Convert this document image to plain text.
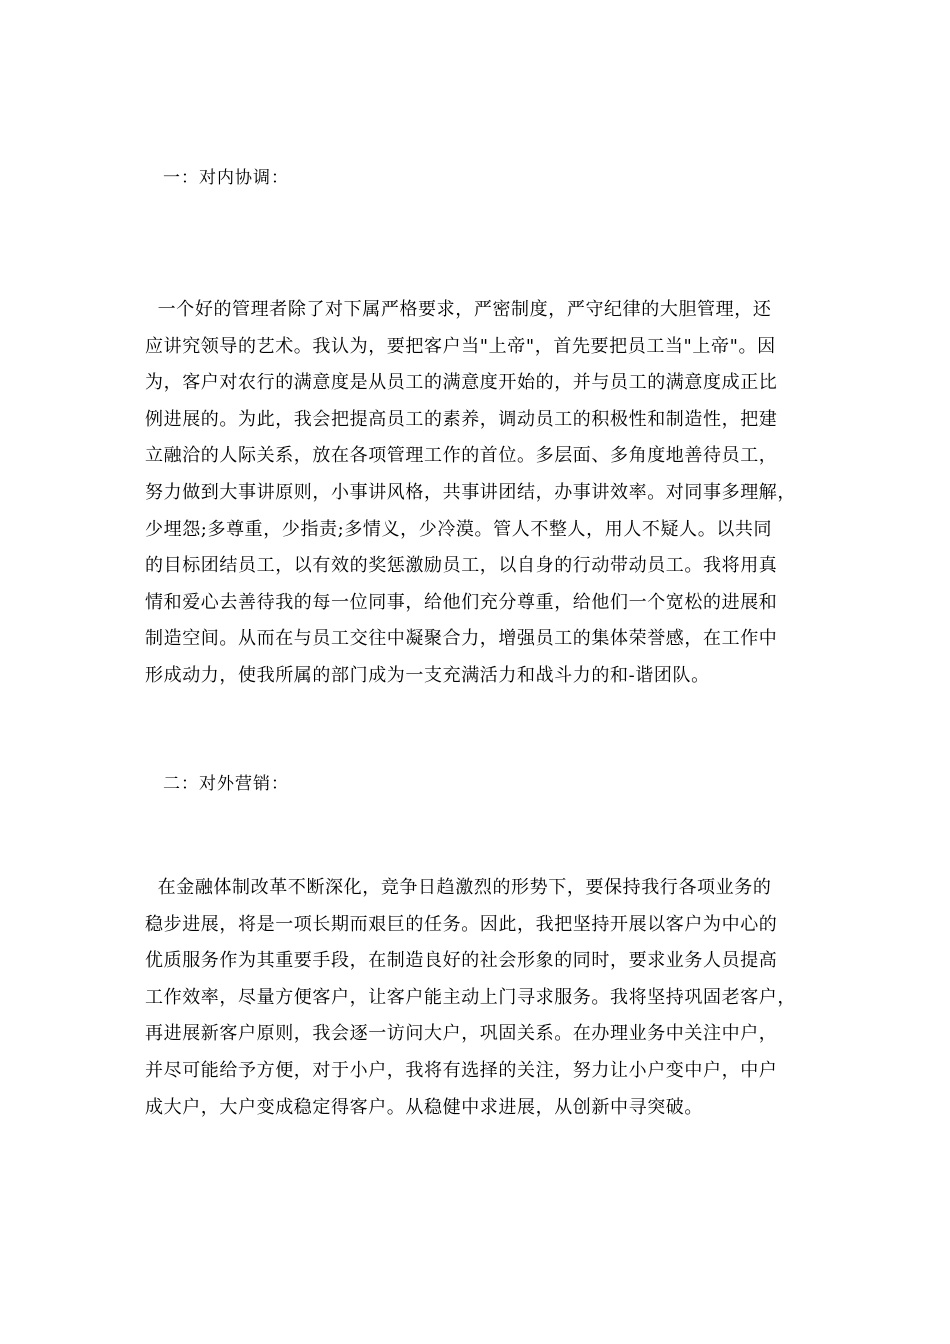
一：对内协调：
一个好的管理者除了对下属严格要求，严密制度，严守纪律的大胆管理，还
应讲究领导的艺术。我认为，要把客户当"上帝"，首先要把员工当"上帝"。因
为，客户对农行的满意度是从员工的满意度开始的，并与员工的满意度成正比
例进展的。为此，我会把提高员工的素养，调动员工的积极性和制造性，把建
立融洽的人际关系，放在各项管理工作的首位。多层面、多角度地善待员工，
努力做到大事讲原则，小事讲风格，共事讲团结，办事讲效率。对同事多理解，
少埋怨;多尊重，少指责;多情义，少冷漠。管人不整人，用人不疑人。以共同
的目标团结员工，以有效的奖惩激励员工，以自身的行动带动员工。我将用真
情和爱心去善待我的每一位同事，给他们充分尊重，给他们一个宽松的进展和
制造空间。从而在与员工交往中凝聚合力，增强员工的集体荣誉感，在工作中
形成动力，使我所属的部门成为一支充满活力和战斗力的和-谐团队。
二：对外营销：
在金融体制改革不断深化，竞争日趋激烈的形势下，要保持我行各项业务的
稳步进展，将是一项长期而艰巨的任务。因此，我把坚持开展以客户为中心的
优质服务作为其重要手段，在制造良好的社会形象的同时，要求业务人员提高
工作效率，尽量方便客户，让客户能主动上门寻求服务。我将坚持巩固老客户，
再进展新客户原则，我会逐一访问大户，巩固关系。在办理业务中关注中户，
并尽可能给予方便，对于小户，我将有选择的关注，努力让小户变中户，中户
成大户，大户变成稳定得客户。从稳健中求进展，从创新中寻突破。
